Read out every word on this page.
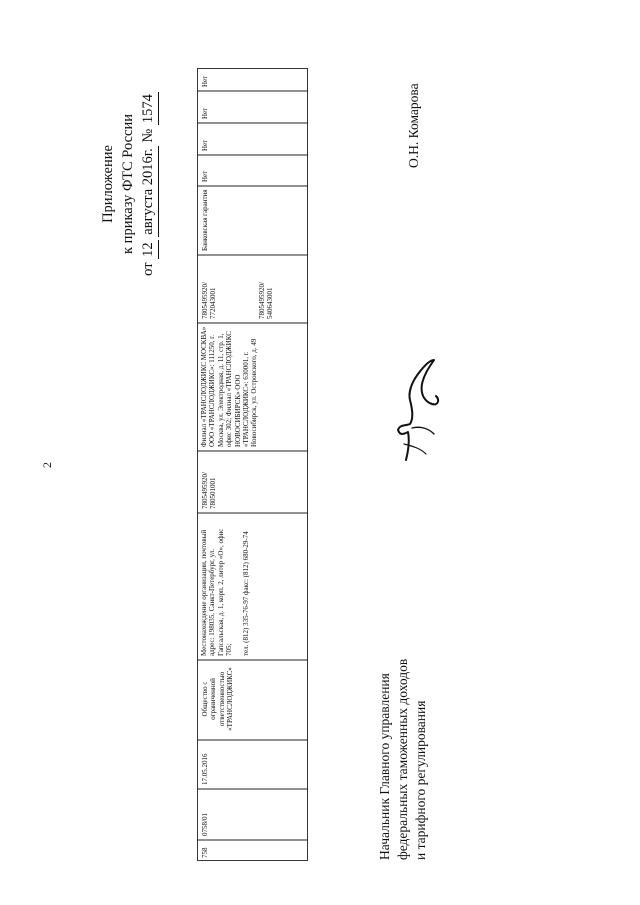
2
Приложение к приказу ФТС России
от 12 августа 2016г. № 1574
758
0758/01
17.05.2016
Общество с ограниченной ответственностью «ТРАНСЛОДЖИКС»
Местонахождение организации, почтовый адрес: 198035, Санкт-Петербург, ул. Гапсальская, д. 1, корп. 2, литер «О», офис 705; тел. (812) 335-76-97 факс: (812) 680-29-74
7805495920/ 780501001
Филиал «ТРАНСЛОДЖИКС МОСКВА» ООО «ТРАНСЛОДЖИКС»: 111250, г. Москва, ул. Электродная, д. 11, стр. 1, офис 302; Филиал «ТРАНСЛОДЖИКС НОВОСИБИРСК» ООО «ТРАНСЛОДЖИКС»: 630001, г. Новосибирск, ул. Островского, д. 49
7805495920/ 772043001	7805495920/ 540643001
Банковская гарантия
Нет
Нет
Нет
Нет
Начальник Главного управления федеральных таможенных доходов и тарифного регулирования
О.Н. Комарова
